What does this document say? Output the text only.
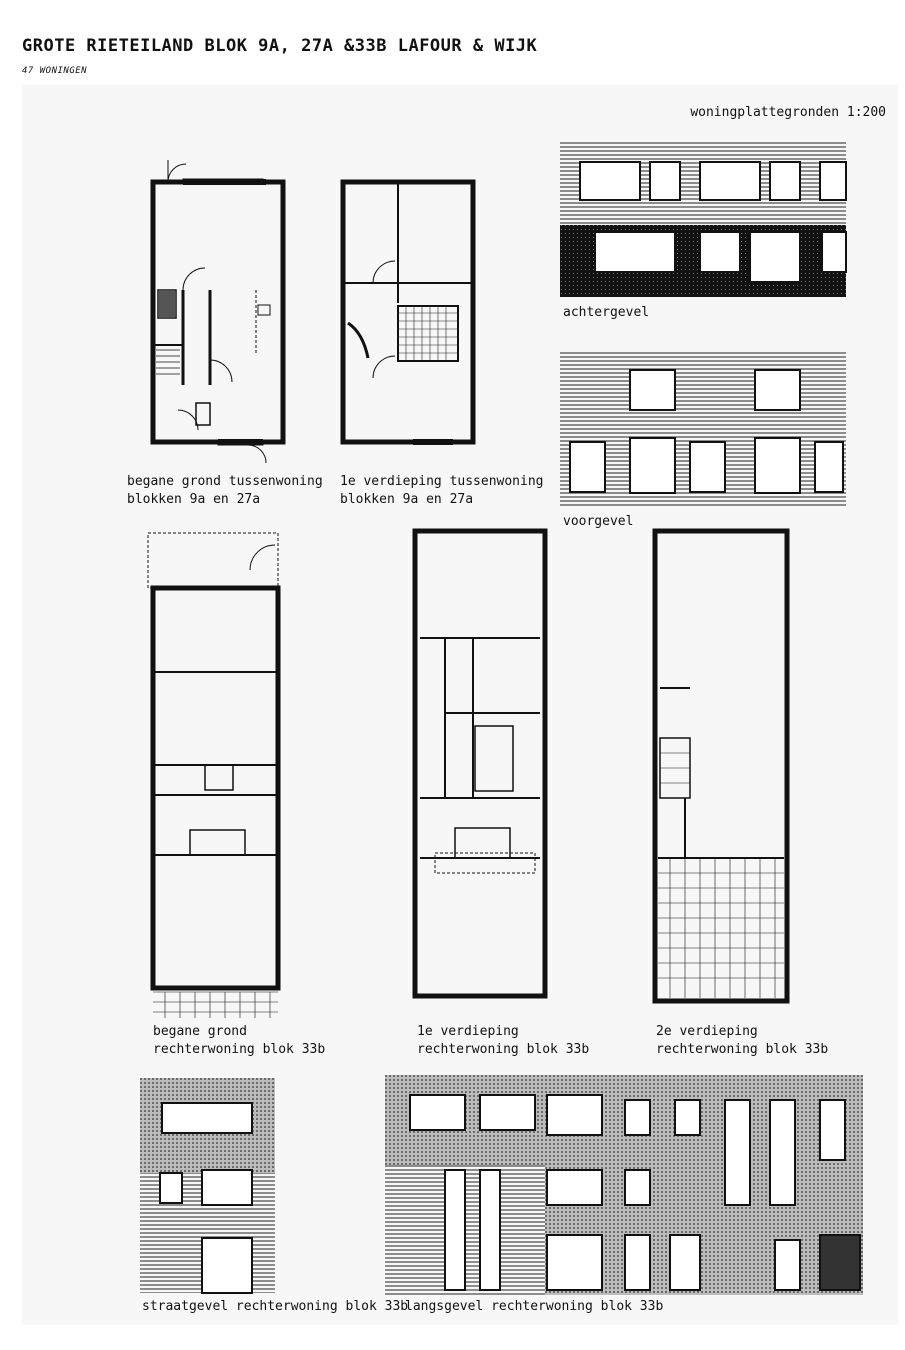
GROTE RIETEILAND BLOK 9A, 27A &33B LAFOUR & WIJK
47 WONINGEN
woningplattegronden 1:200
begane grond tussenwoning
blokken 9a en 27a
1e verdieping tussenwoning
blokken 9a en 27a
achtergevel
voorgevel
begane grond
rechterwoning blok 33b
1e verdieping
rechterwoning blok 33b
2e verdieping
rechterwoning blok 33b
straatgevel rechterwoning blok 33b
langsgevel rechterwoning blok 33b
